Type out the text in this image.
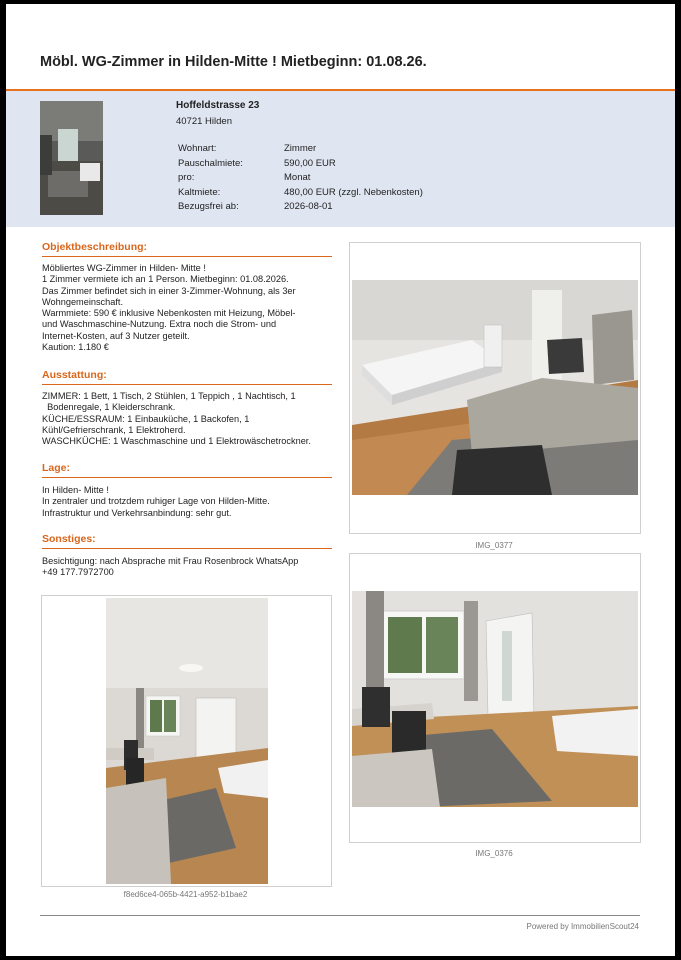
Möbl. WG-Zimmer in Hilden-Mitte ! Mietbeginn: 01.08.26.
Hoffeldstrasse 23
40721 Hilden
Wohnart:	Zimmer
Pauschalmiete:	590,00 EUR
pro:	Monat
Kaltmiete:	480,00 EUR (zzgl. Nebenkosten)
Bezugsfrei ab:	2026-08-01
Objektbeschreibung:

Möbliertes WG-Zimmer in Hilden- Mitte !

1 Zimmer vermiete ich an 1 Person. Mietbeginn: 01.08.2026.

Das Zimmer befindet sich in einer 3-Zimmer-Wohnung, als 3er

Wohngemeinschaft.

Warmmiete: 590 € inklusive Nebenkosten mit Heizung, Möbel-

und Waschmaschine-Nutzung. Extra noch die Strom- und

Internet-Kosten, auf 3 Nutzer geteilt.

Kaution: 1.180 €

Ausstattung:

ZIMMER: 1 Bett, 1 Tisch, 2 Stühlen, 1 Teppich , 1 Nachtisch, 1

Bodenregale, 1 Kleiderschrank.

KÜCHE/ESSRAUM: 1 Einbauküche, 1 Backofen, 1

Kühl/Gefrierschrank, 1 Elektroherd.

WASCHKÜCHE: 1 Waschmaschine und 1 Elektrowäschetrockner.

Lage:

In Hilden- Mitte !

In zentraler und trotzdem ruhiger Lage von Hilden-Mitte.

Infrastruktur und Verkehrsanbindung: sehr gut.

Sonstiges:

Besichtigung: nach Absprache mit Frau Rosenbrock WhatsApp

+49 177.7972700

IMG_0377
IMG_0376
f8ed6ce4-065b-4421-a952-b1bae2
Powered by ImmobilienScout24
